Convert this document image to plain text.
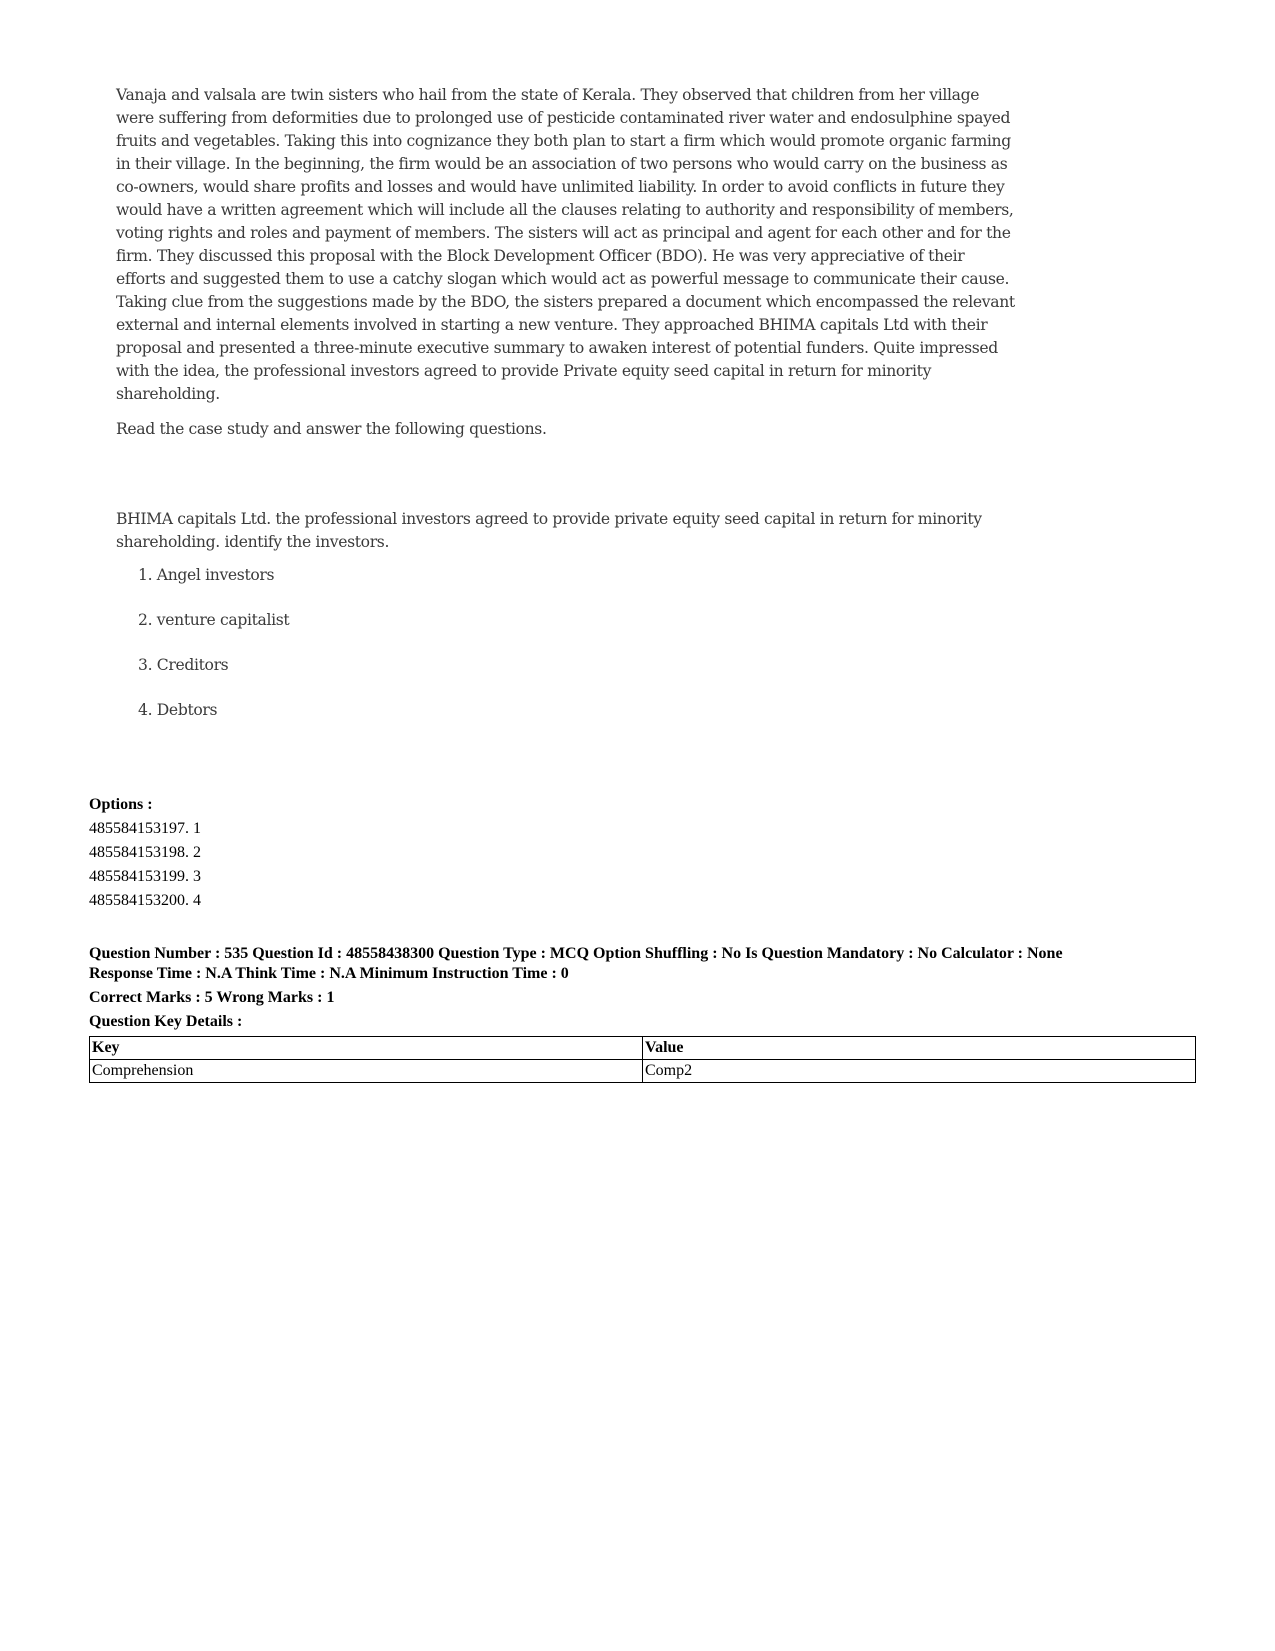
Vanaja and valsala are twin sisters who hail from the state of Kerala. They observed that children from her village were suffering from deformities due to prolonged use of pesticide contaminated river water and endosulphine spayed fruits and vegetables. Taking this into cognizance they both plan to start a firm which would promote organic farming in their village. In the beginning, the firm would be an association of two persons who would carry on the business as co-owners, would share profits and losses and would have unlimited liability. In order to avoid conflicts in future they would have a written agreement which will include all the clauses relating to authority and responsibility of members, voting rights and roles and payment of members. The sisters will act as principal and agent for each other and for the firm. They discussed this proposal with the Block Development Officer (BDO). He was very appreciative of their efforts and suggested them to use a catchy slogan which would act as powerful message to communicate their cause. Taking clue from the suggestions made by the BDO, the sisters prepared a document which encompassed the relevant external and internal elements involved in starting a new venture. They approached BHIMA capitals Ltd with their proposal and presented a three-minute executive summary to awaken interest of potential funders. Quite impressed with the idea, the professional investors agreed to provide Private equity seed capital in return for minority shareholding.

Read the case study and answer the following questions.

BHIMA capitals Ltd. the professional investors agreed to provide private equity seed capital in return for minority shareholding. identify the investors.

1. Angel investors
2. venture capitalist
3. Creditors
4. Debtors
Options :
485584153197. 1
485584153198. 2
485584153199. 3
485584153200. 4
Question Number : 535 Question Id : 48558438300 Question Type : MCQ Option Shuffling : No Is Question Mandatory : No Calculator : None
Response Time : N.A Think Time : N.A Minimum Instruction Time : 0
Correct Marks : 5 Wrong Marks : 1
Question Key Details :
Key	Value
Comprehension	Comp2
